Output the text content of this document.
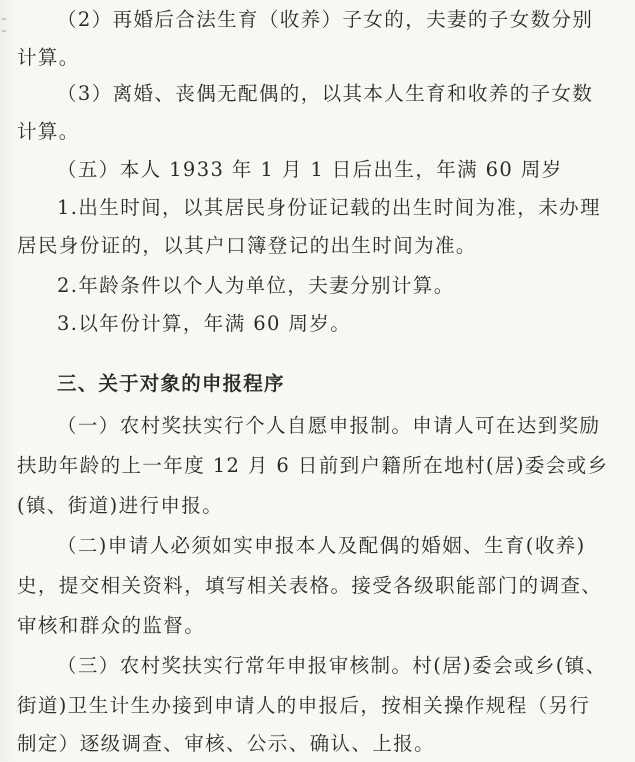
（2）再婚后合法生育（收养）子女的，夫妻的子女数分别
计算。
（3）离婚、丧偶无配偶的，以其本人生育和收养的子女数
计算。
（五）本人 1933 年 1 月 1 日后出生，年满 60 周岁
1.出生时间，以其居民身份证记载的出生时间为准，未办理
居民身份证的，以其户口簿登记的出生时间为准。
2.年龄条件以个人为单位，夫妻分别计算。
3.以年份计算，年满 60 周岁。
三、关于对象的申报程序
（一）农村奖扶实行个人自愿申报制。申请人可在达到奖励
扶助年龄的上一年度 12 月 6 日前到户籍所在地村(居)委会或乡
(镇、街道)进行申报。
（二)申请人必须如实申报本人及配偶的婚姻、生育(收养)
史，提交相关资料，填写相关表格。接受各级职能部门的调查、
审核和群众的监督。
（三）农村奖扶实行常年申报审核制。村(居)委会或乡(镇、
街道)卫生计生办接到申请人的申报后，按相关操作规程（另行
制定）逐级调查、审核、公示、确认、上报。
